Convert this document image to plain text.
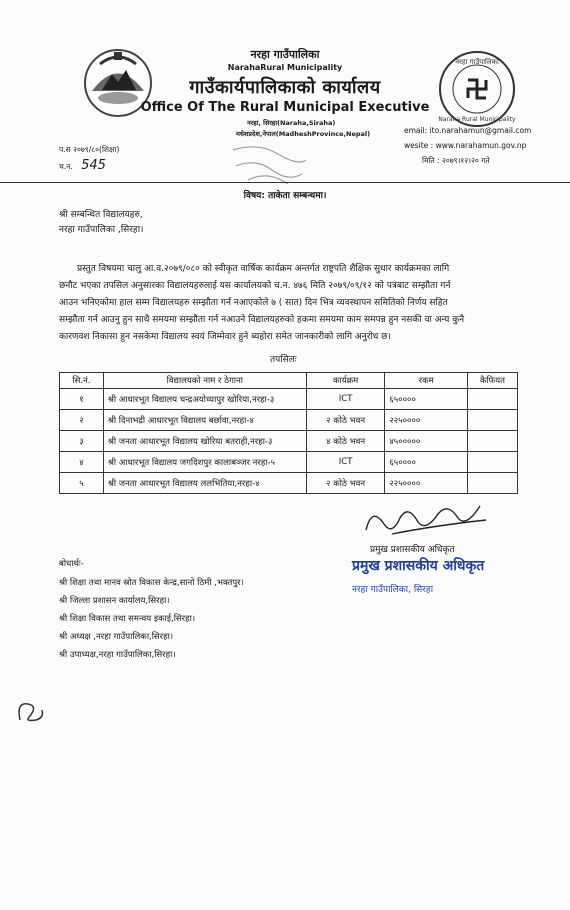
नरहा गाउँपालिका
Naraha Rural Municipality
नरहा गाउँपालिका
NarahaRural Municipality
गाउँकार्यपालिकाको कार्यालय
Office Of The Rural Municipal Executive
नरहा, सिरहा(Naraha,Siraha)
मधेशप्रदेश,नेपाल(MadheshProvince,Nepal)	email: ito.narahamun@gmail.com
wesite : www.narahamun.gov.np
मिति : २०७९।१२।२० गते
प.स २०७९/८०(शिक्षा)
च.न. 545
विषय: ताकेता सम्बन्धमा।
श्री सम्बन्धित विद्यालयहरु,
नरहा गाउँपालिका ,सिरहा।
प्रस्तुत विषयमा चालु आ.व.२०७९/०८० को स्वीकृत वार्षिक कार्यक्रम अन्तर्गत राष्ट्रपति शैक्षिक सुधार कार्यक्रमका लागि
छनौट भएका तपसिल अनुसारका विद्यालयहरुलाई यस कार्यालयको च.न. ४७६ मिति २०७९/०९/१२ को पत्रबाट सम्झौता गर्न
आउन भनिएकोमा हाल सम्म विद्यालयहरु सम्झौता गर्न नआएकोले ७ ( सात) दिन भित्र व्यवस्थापन समितिको निर्णय सहित
सम्झौता गर्न आउनु हुन साथै समयमा सम्झौता गर्न नआउने विद्यालयहरुको हकमा समयमा काम समपन्न हुन नसकी वा अन्य कुनै
कारणवश निकासा हुन नसकेमा विद्यालय स्वयं जिम्मेवार हुने ब्यहोरा समेत जानकारीको लागि अनुरोध छ।
तपसिलः
सि.नं.	विद्यालयको नाम र ठेगाना	कार्यक्रम	रकम	कैफियत
१	श्री आधारभूत विद्यालय चन्द्रअयोध्यापुर खोरिया,नरहा-३	ICT	६५००००	
२	श्री दिनाभद्री आधारभूत विद्यालय बर्छावा,नरहा-४	२ कोठे भवन	२२५००००	
३	श्री जनता आधारभूत विद्यालय खोरिया बतराही,नरहा-३	४ कोठे भवन	४५०००००	
४	श्री आधारभूत विद्यालय जगदिशपुर कालाबञ्जर नरहा-५	ICT	६५००००	
५	श्री जनता आधारभूत विद्यालय ललभितिया,नरहा-४	२ कोठे भवन	२२५००००	
प्रमुख प्रशासकीय अधिकृत
प्रमुख प्रशासकीय अधिकृत
नरहा गाउँपालिका, सिरहा
बोधार्थः-
श्री शिक्षा तथा मानव स्रोत विकास केन्द्र,सानो ठिमी ,भक्तपुर।
श्री जिल्ला प्रशासन कार्यालय,सिरहा।
श्री शिक्षा विकास तथा समन्वय इकाई,सिरहा।
श्री अध्यक्ष ,नरहा गाउँपालिका,सिरहा।
श्री उपाध्यक्ष,नरहा गाउँपालिका,सिरहा।
